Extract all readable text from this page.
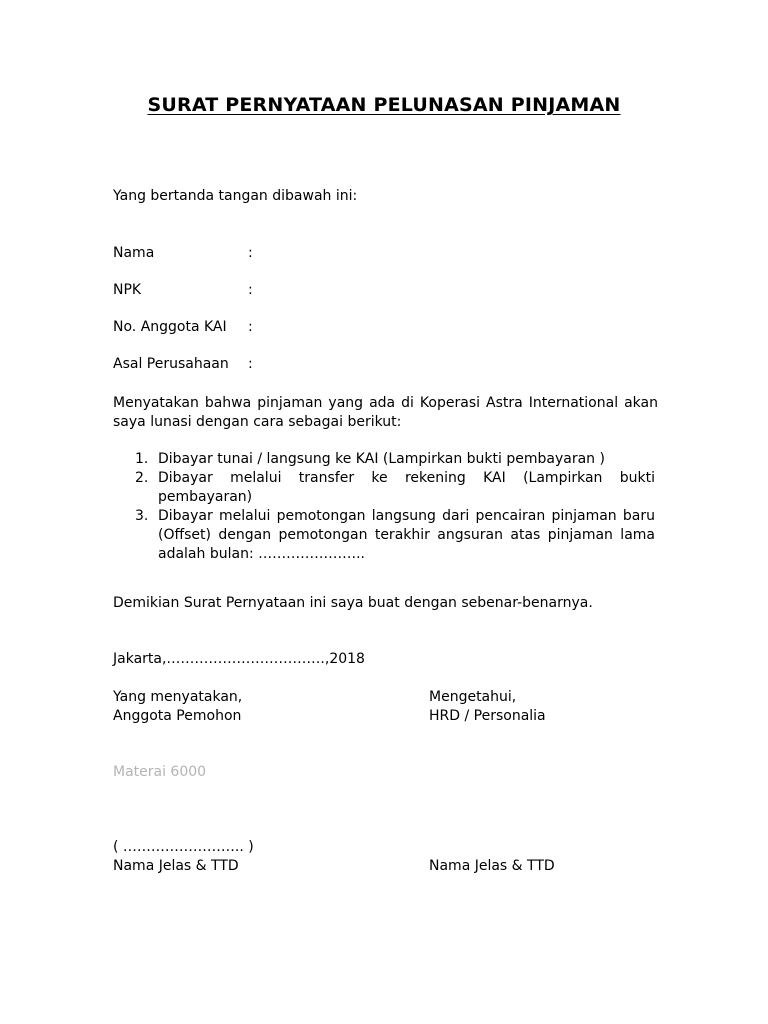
SURAT PERNYATAAN PELUNASAN PINJAMAN
Yang bertanda tangan dibawah ini:
Nama	:
NPK	:
No. Anggota KAI :
Asal Perusahaan :
Menyatakan bahwa pinjaman yang ada di Koperasi Astra International akan saya lunasi dengan cara sebagai berikut:
1. Dibayar tunai / langsung ke KAI (Lampirkan bukti pembayaran )
2. Dibayar melalui transfer ke rekening KAI (Lampirkan bukti pembayaran)
3. Dibayar melalui pemotongan langsung dari pencairan pinjaman baru (Offset) dengan pemotongan terakhir angsuran atas pinjaman lama adalah bulan: …………………..
Demikian Surat Pernyataan ini saya buat dengan sebenar-benarnya.
Jakarta,…………………………….,2018
Yang menyatakan,
Anggota Pemohon
Materai 6000
( …………………….. )
Nama Jelas & TTD
Mengetahui,
HRD / Personalia
Nama Jelas & TTD
